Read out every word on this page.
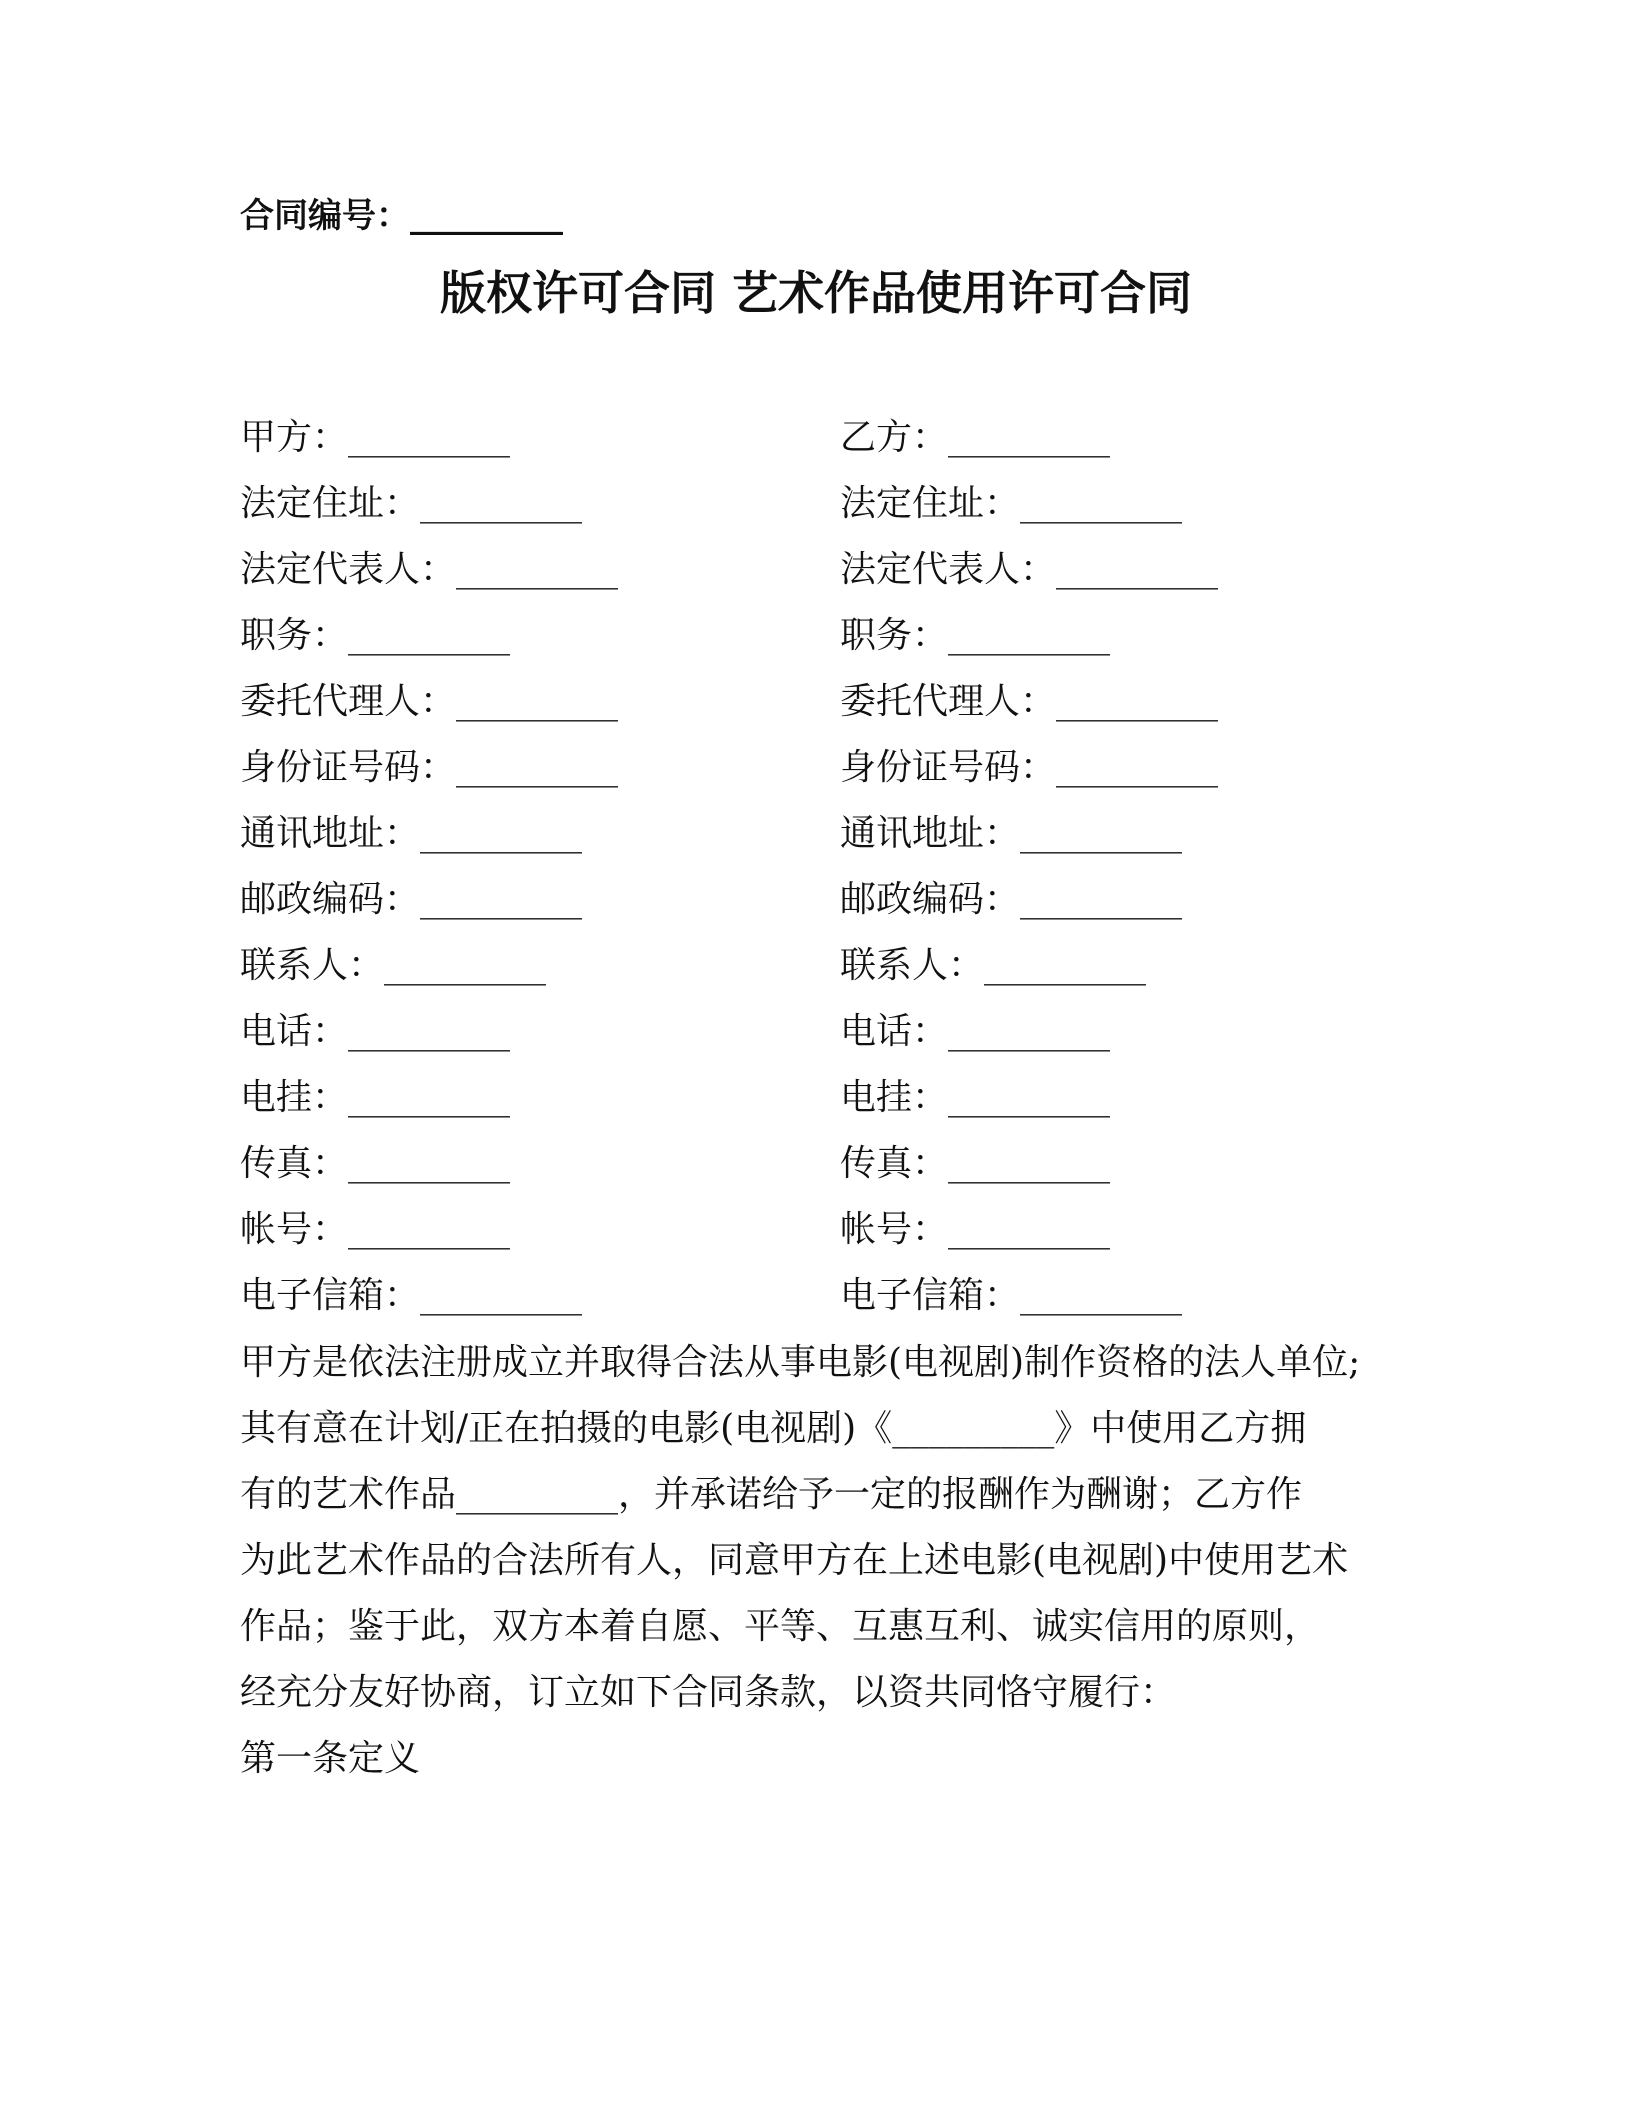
合同编号：_________
版权许可合同 艺术作品使用许可合同
甲方：_________	乙方：_________
法定住址：_________	法定住址：_________
法定代表人：_________	法定代表人：_________
职务：_________	职务：_________
委托代理人：_________	委托代理人：_________
身份证号码：_________	身份证号码：_________
通讯地址：_________	通讯地址：_________
邮政编码：_________	邮政编码：_________
联系人：_________	联系人：_________
电话：_________	电话：_________
电挂：_________	电挂：_________
传真：_________	传真：_________
帐号：_________	帐号：_________
电子信箱：_________	电子信箱：_________
甲方是依法注册成立并取得合法从事电影(电视剧)制作资格的法人单位;
其有意在计划/正在拍摄的电影(电视剧)《_________》中使用乙方拥
有的艺术作品_________，并承诺给予一定的报酬作为酬谢；乙方作
为此艺术作品的合法所有人，同意甲方在上述电影(电视剧)中使用艺术
作品；鉴于此，双方本着自愿、平等、互惠互利、诚实信用的原则，
经充分友好协商，订立如下合同条款，以资共同恪守履行：
第一条定义
